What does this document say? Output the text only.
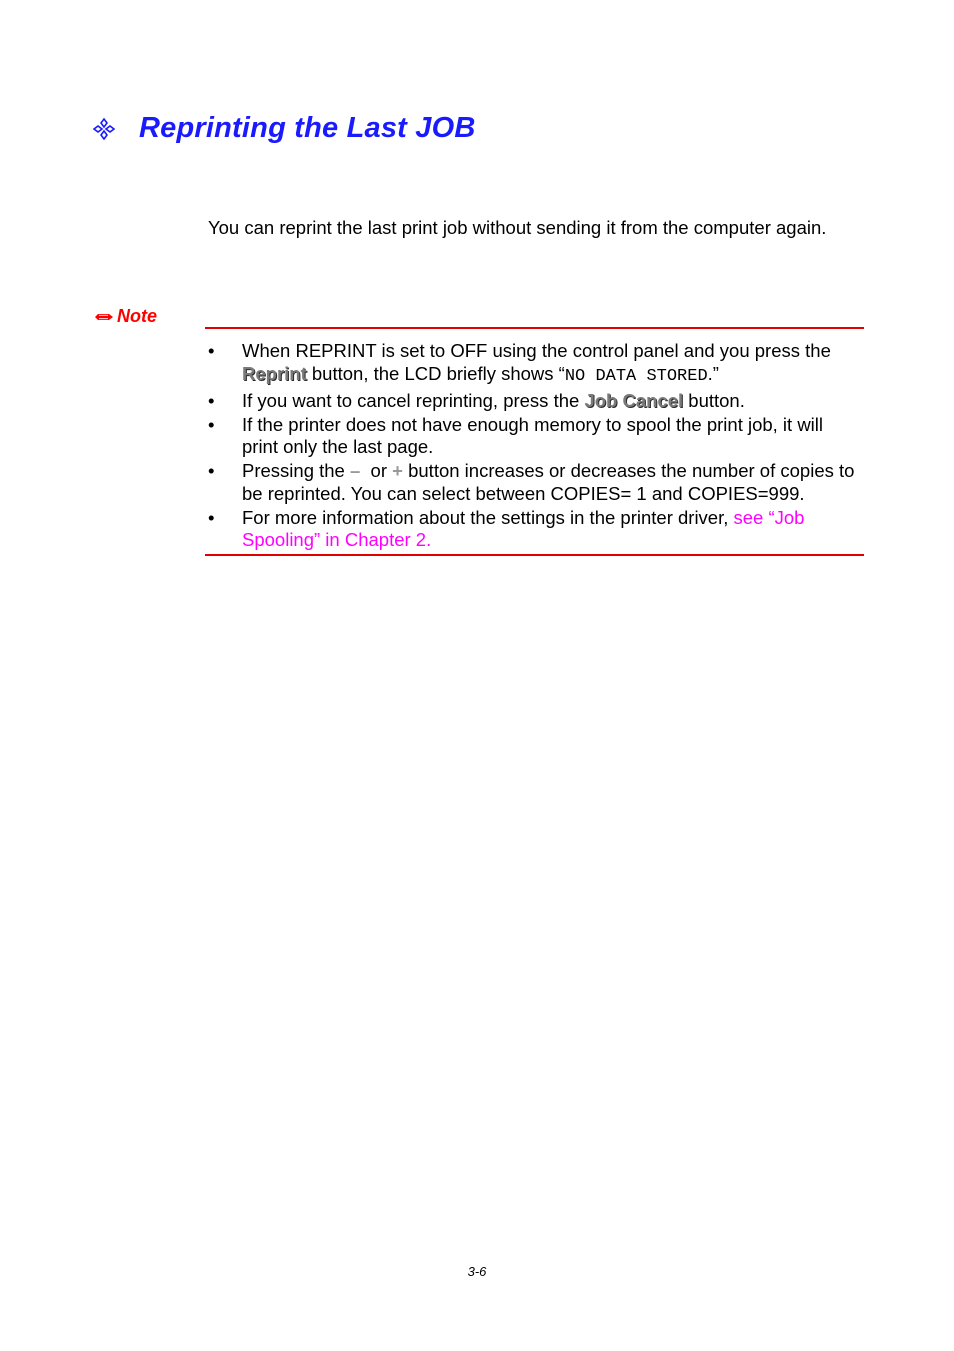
Reprinting the Last JOB
You can reprint the last print job without sending it from the computer again.
Note
• When REPRINT is set to OFF using the control panel and you press the Reprint button, the LCD briefly shows “NO DATA STORED.”
• If you want to cancel reprinting, press the Job Cancel button.
• If the printer does not have enough memory to spool the print job, it will print only the last page.
• Pressing the –  or + button increases or decreases the number of copies to be reprinted. You can select between COPIES= 1 and COPIES=999.
• For more information about the settings in the printer driver, see “Job Spooling” in Chapter 2.
3-6
